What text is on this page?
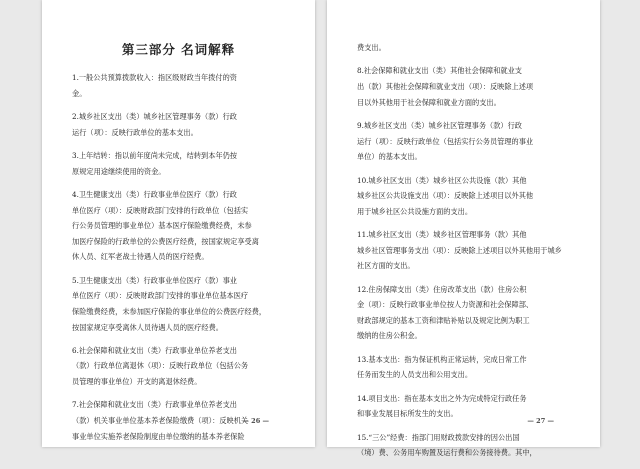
第三部分 名词解释

1.一般公共预算拨款收入：指区级财政当年拨付的资
金。

2.城乡社区支出（类）城乡社区管理事务（款）行政
运行（项）：反映行政单位的基本支出。

3.上年结转：指以前年度尚未完成，结转到本年仍按
原规定用途继续使用的资金。

4.卫生健康支出（类）行政事业单位医疗（款）行政
单位医疗（项）：反映财政部门安排的行政单位（包括实
行公务员管理的事业单位）基本医疗保险缴费经费，未参
加医疗保险的行政单位的公费医疗经费，按国家规定享受离
休人员、红军老战士待遇人员的医疗经费。

5.卫生健康支出（类）行政事业单位医疗（款）事业
单位医疗（项）：反映财政部门安排的事业单位基本医疗
保险缴费经费，未参加医疗保险的事业单位的公费医疗经费，
按国家规定享受离休人员待遇人员的医疗经费。

6.社会保障和就业支出（类）行政事业单位养老支出
（款）行政单位离退休（项）：反映行政单位（包括公务
员管理的事业单位）开支的离退休经费。

7.社会保障和就业支出（类）行政事业单位养老支出
（款）机关事业单位基本养老保险缴费（项）：反映机关
事业单位实施养老保险制度由单位缴纳的基本养老保险

— 26 —

费支出。

8.社会保障和就业支出（类）其他社会保障和就业支
出（款）其他社会保障和就业支出（项）：反映除上述项
目以外其他用于社会保障和就业方面的支出。

9.城乡社区支出（类）城乡社区管理事务（款）行政
运行（项）：反映行政单位（包括实行公务员管理的事业
单位）的基本支出。

10.城乡社区支出（类）城乡社区公共设施（款）其他
城乡社区公共设施支出（项）：反映除上述项目以外其他
用于城乡社区公共设施方面的支出。

11.城乡社区支出（类）城乡社区管理事务（款）其他
城乡社区管理事务支出（项）：反映除上述项目以外其他用于城乡
社区方面的支出。

12.住房保障支出（类）住房改革支出（款）住房公积
金（项）：反映行政事业单位按人力资源和社会保障部、
财政部规定的基本工资和津贴补贴以及规定比例为职工
缴纳的住房公积金。

13.基本支出：指为保证机构正常运转，完成日常工作
任务而发生的人员支出和公用支出。

14.项目支出：指在基本支出之外为完成特定行政任务
和事业发展目标所发生的支出。

15.“三公”经费：指部门用财政拨款安排的因公出国
（境）费、公务用车购置及运行费和公务接待费。其中，

— 27 —
